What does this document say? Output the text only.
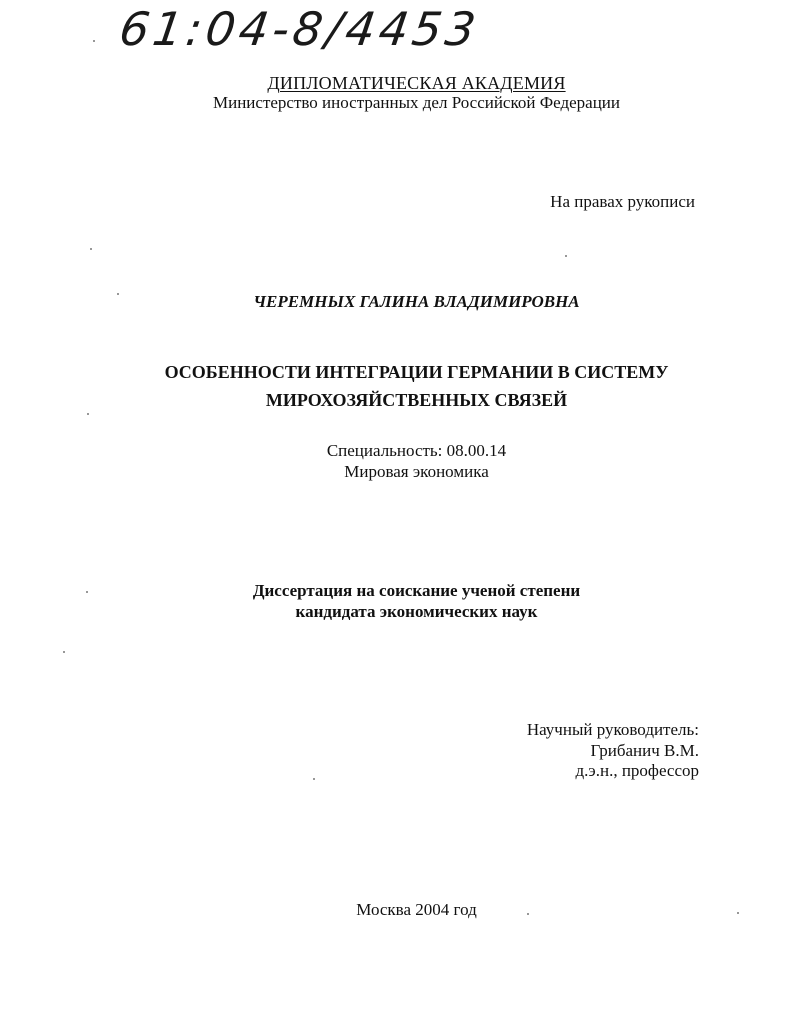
61:04-8/4453
ДИПЛОМАТИЧЕСКАЯ АКАДЕМИЯ
Министерство иностранных дел Российской Федерации
На правах рукописи
ЧЕРЕМНЫХ ГАЛИНА ВЛАДИМИРОВНА
ОСОБЕННОСТИ ИНТЕГРАЦИИ ГЕРМАНИИ В СИСТЕМУ
МИРОХОЗЯЙСТВЕННЫХ СВЯЗЕЙ
Специальность: 08.00.14
Мировая экономика
Диссертация на соискание ученой степени
кандидата экономических наук
Научный руководитель:
Грибанич В.М.
д.э.н., профессор
Москва 2004 год
